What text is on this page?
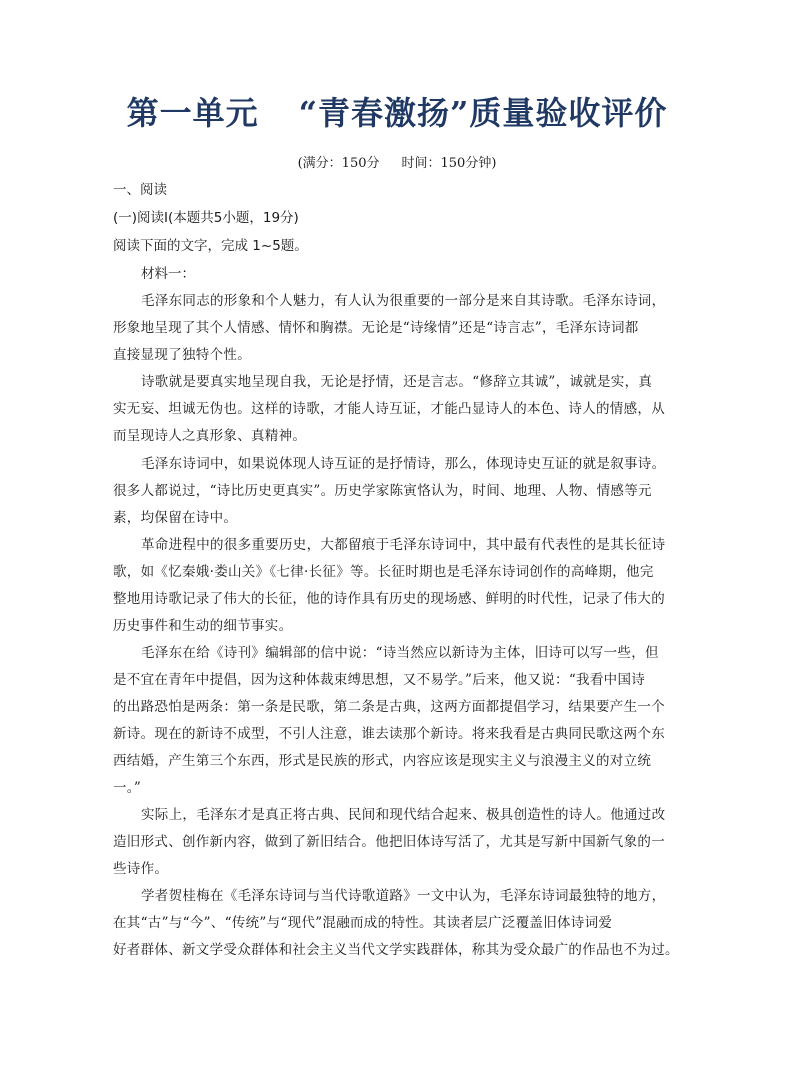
第一单元 “青春激扬”质量验收评价
(满分：150分 时间：150分钟)
一、阅读
(一)阅读Ⅰ(本题共5小题，19分)
阅读下面的文字，完成 1~5题。
材料一：
毛泽东同志的形象和个人魅力，有人认为很重要的一部分是来自其诗歌。毛泽东诗词，
形象地呈现了其个人情感、情怀和胸襟。无论是“诗缘情”还是“诗言志”，毛泽东诗词都
直接显现了独特个性。
诗歌就是要真实地呈现自我，无论是抒情，还是言志。“修辞立其诚”，诚就是实，真
实无妄、坦诚无伪也。这样的诗歌，才能人诗互证，才能凸显诗人的本色、诗人的情感，从
而呈现诗人之真形象、真精神。
毛泽东诗词中，如果说体现人诗互证的是抒情诗，那么，体现诗史互证的就是叙事诗。
很多人都说过，“诗比历史更真实”。历史学家陈寅恪认为，时间、地理、人物、情感等元
素，均保留在诗中。
革命进程中的很多重要历史，大都留痕于毛泽东诗词中，其中最有代表性的是其长征诗
歌，如《忆秦娥·娄山关》《七律·长征》等。长征时期也是毛泽东诗词创作的高峰期，他完
整地用诗歌记录了伟大的长征，他的诗作具有历史的现场感、鲜明的时代性，记录了伟大的
历史事件和生动的细节事实。
毛泽东在给《诗刊》编辑部的信中说：“诗当然应以新诗为主体，旧诗可以写一些，但
是不宜在青年中提倡，因为这种体裁束缚思想，又不易学。”后来，他又说：“我看中国诗
的出路恐怕是两条：第一条是民歌，第二条是古典，这两方面都提倡学习，结果要产生一个
新诗。现在的新诗不成型，不引人注意，谁去读那个新诗。将来我看是古典同民歌这两个东
西结婚，产生第三个东西，形式是民族的形式，内容应该是现实主义与浪漫主义的对立统
一。”
实际上，毛泽东才是真正将古典、民间和现代结合起来、极具创造性的诗人。他通过改
造旧形式、创作新内容，做到了新旧结合。他把旧体诗写活了，尤其是写新中国新气象的一
些诗作。
学者贺桂梅在《毛泽东诗词与当代诗歌道路》一文中认为，毛泽东诗词最独特的地方，
在其“古”与“今”、“传统”与“现代”混融而成的特性。其读者层广泛覆盖旧体诗词爱
好者群体、新文学受众群体和社会主义当代文学实践群体，称其为受众最广的作品也不为过。
